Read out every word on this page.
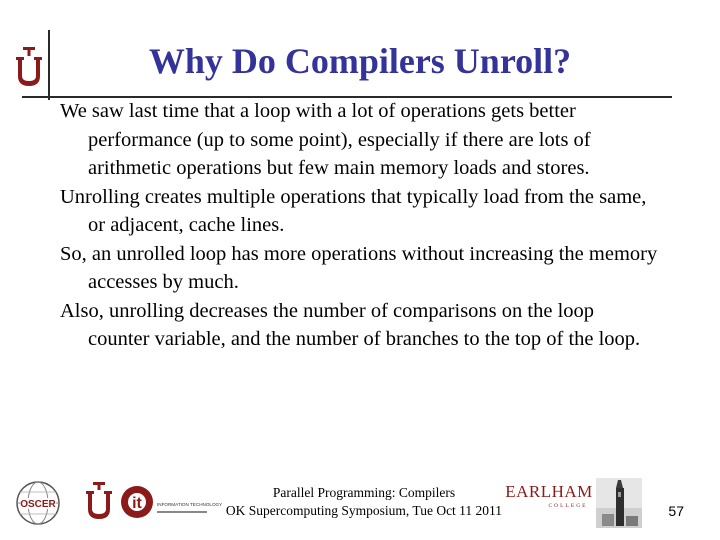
Why Do Compilers Unroll?
We saw last time that a loop with a lot of operations gets better performance (up to some point), especially if there are lots of arithmetic operations but few main memory loads and stores.
Unrolling creates multiple operations that typically load from the same, or adjacent, cache lines.
So, an unrolled loop has more operations without increasing the memory accesses by much.
Also, unrolling decreases the number of comparisons on the loop counter variable, and the number of branches to the top of the loop.
OSCER	it	INFORMATION TECHNOLOGY
Parallel Programming: Compilers
OK Supercomputing Symposium, Tue Oct 11 2011
EARLHAM
COLLEGE	57
